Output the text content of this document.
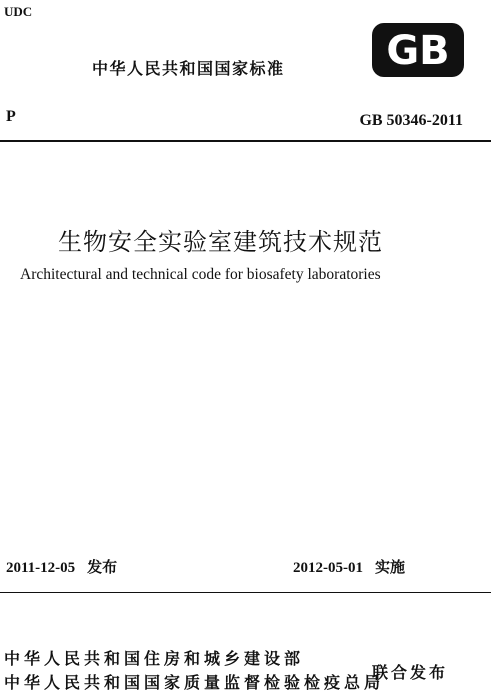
UDC
中华人民共和国国家标准	GB
P	GB 50346-2011
生物安全实验室建筑技术规范
Architectural and technical code for biosafety laboratories
2011-12-05 发布	2012-05-01 实施
中华人民共和国住房和城乡建设部
中华人民共和国国家质量监督检验检疫总局
联合发布
